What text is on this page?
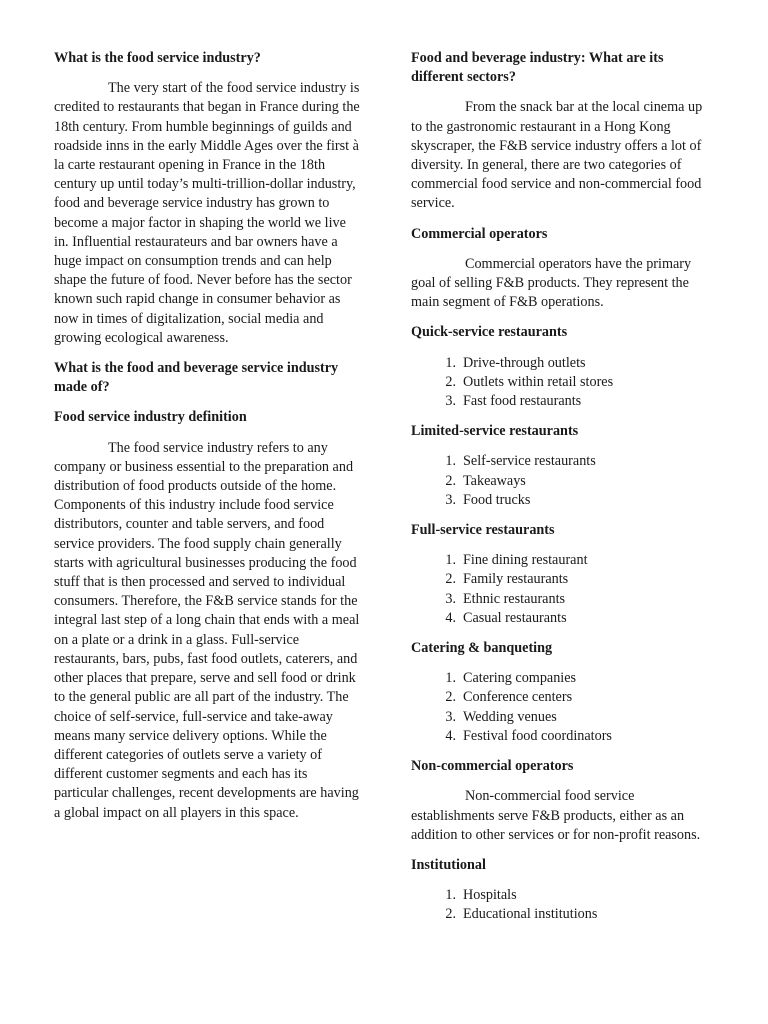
What is the food service industry?

The very start of the food service industry is credited to restaurants that began in France during the 18th century. From humble beginnings of guilds and roadside inns in the early Middle Ages over the first à la carte restaurant opening in France in the 18th century up until today’s multi-trillion-dollar industry, food and beverage service industry has grown to become a major factor in shaping the world we live in. Influential restaurateurs and bar owners have a huge impact on consumption trends and can help shape the future of food. Never before has the sector known such rapid change in consumer behavior as now in times of digitalization, social media and growing ecological awareness.

What is the food and beverage service industry made of?
Food service industry definition

The food service industry refers to any company or business essential to the preparation and distribution of food products outside of the home. Components of this industry include food service distributors, counter and table servers, and food service providers. The food supply chain generally starts with agricultural businesses producing the food stuff that is then processed and served to individual consumers. Therefore, the F&B service stands for the integral last step of a long chain that ends with a meal on a plate or a drink in a glass. Full-service restaurants, bars, pubs, fast food outlets, caterers, and other places that prepare, serve and sell food or drink to the general public are all part of the industry. The choice of self-service, full-service and take-away means many service delivery options. While the different categories of outlets serve a variety of different customer segments and each has its particular challenges, recent developments are having a global impact on all players in this space.

Food and beverage industry: What are its different sectors?

From the snack bar at the local cinema up to the gastronomic restaurant in a Hong Kong skyscraper, the F&B service industry offers a lot of diversity. In general, there are two categories of commercial food service and non-commercial food service.

Commercial operators

Commercial operators have the primary goal of selling F&B products. They represent the main segment of F&B operations.

Quick-service restaurants
1. Drive-through outlets
2. Outlets within retail stores
3. Fast food restaurants
Limited-service restaurants
1. Self-service restaurants
2. Takeaways
3. Food trucks
Full-service restaurants
1. Fine dining restaurant
2. Family restaurants
3. Ethnic restaurants
4. Casual restaurants
Catering & banqueting
1. Catering companies
2. Conference centers
3. Wedding venues
4. Festival food coordinators
Non-commercial operators

Non-commercial food service establishments serve F&B products, either as an addition to other services or for non-profit reasons.

Institutional
1. Hospitals
2. Educational institutions
